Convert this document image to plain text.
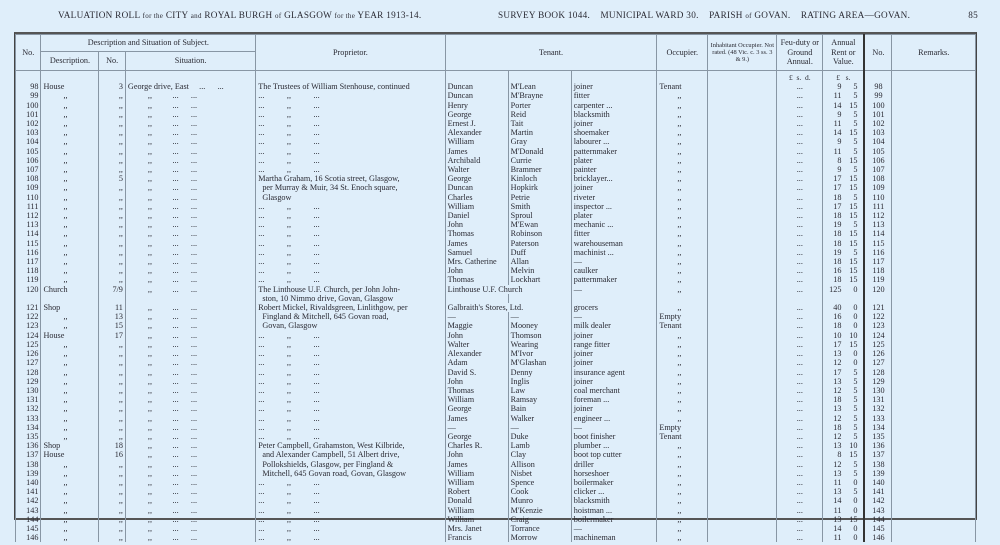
VALUATION ROLL for the CITY and ROYAL BURGH of GLASGOW for the YEAR 1913-14.	SURVEY BOOK 1044.    MUNICIPAL WARD 30.    PARISH of GOVAN.    RATING AREA—GOVAN.	85
No.	Description and Situation of Subject.			Proprietor.	Tenant.			Occupier.	Inhabitant Occupier. Not rated. (48 Vic. c. 3 ss. 3 & 9.)	Feu-duty or Ground Annual.	Annual Rent or Value.	No.	Remarks.
	Description.	No.	Situation.										

£  s.  d.	£   s.		

98	House	3	George drive, East     ...      ...	The Trustees of William Stenhouse, continued	Duncan	M'Lean	joiner	Tenant		...	9 5	98	
99	,,	,,	,,          ...      ...	...           ,,           ...	Duncan	M'Brayne	fitter	,,		...	11 5	99	
100	,,	,,	,,          ...      ...	...           ,,           ...	Henry	Porter	carpenter ...	,,		...	14 15	100	
101	,,	,,	,,          ...      ...	...           ,,           ...	George	Reid	blacksmith	,,		...	9 5	101	
102	,,	,,	,,          ...      ...	...           ,,           ...	Ernest J.	Tait	joiner	,,		...	11 5	102	
103	,,	,,	,,          ...      ...	...           ,,           ...	Alexander	Martin	shoemaker	,,		...	14 15	103	
104	,,	,,	,,          ...      ...	...           ,,           ...	William	Gray	labourer ...	,,		...	9 5	104	
105	,,	,,	,,          ...      ...	...           ,,           ...	James	M'Donald	patternmaker	,,		...	11 5	105	
106	,,	,,	,,          ...      ...	...           ,,           ...	Archibald	Currie	plater	,,		...	8 15	106	
107	,,	,,	,,          ...      ...	...           ,,           ...	Walter	Brammer	painter	,,		...	9 5	107	
108	,,	5	,,          ...      ...	Martha Graham, 16 Scotia street, Glasgow,	George	Kinloch	bricklayer...	,,		...	17 15	108	
109	,,	,,	,,          ...      ...	per Murray & Muir, 34 St. Enoch square,	Duncan	Hopkirk	joiner	,,		...	17 15	109	
110	,,	,,	,,          ...      ...	Glasgow	Charles	Petrie	riveter	,,		...	18 5	110	
111	,,	,,	,,          ...      ...	...           ,,           ...	William	Smith	inspector ...	,,		...	17 15	111	
112	,,	,,	,,          ...      ...	...           ,,           ...	Daniel	Sproul	plater	,,		...	18 15	112	
113	,,	,,	,,          ...      ...	...           ,,           ...	John	M'Ewan	mechanic ...	,,		...	19 5	113	
114	,,	,,	,,          ...      ...	...           ,,           ...	Thomas	Robinson	fitter	,,		...	18 15	114	
115	,,	,,	,,          ...      ...	...           ,,           ...	James	Paterson	warehouseman	,,		...	18 15	115	
116	,,	,,	,,          ...      ...	...           ,,           ...	Samuel	Duff	machinist ...	,,		...	19 5	116	
117	,,	,,	,,          ...      ...	...           ,,           ...	Mrs. Catherine	Allan	—	,,		...	18 15	117	
118	,,	,,	,,          ...      ...	...           ,,           ...	John	Melvin	caulker	,,		...	16 15	118	
119	,,	,,	,,          ...      ...	...           ,,           ...	Thomas	Lockhart	patternmaker	,,		...	18 15	119	
120	Church	7/9	,,          ...      ...	The Linthouse U.F. Church, per John John-	Linthouse U.F. Church		—	,,		...	125 0	120	
				ston, 10 Nimmo drive, Govan, Glasgow							

121	Shop	11	,,          ...      ...	Robert Mickel, Rivaldsgreen, Linlithgow, per	Galbraith's Stores, Ltd.		grocers	,,		...	40 0	121	
122	,,	13	,,          ...      ...	Fingland & Mitchell, 645 Govan road,	—	—	—	Empty		...	16 0	122	
123	,,	15	,,          ...      ...	Govan, Glasgow	Maggie	Mooney	milk dealer	Tenant		...	18 0	123	
124	House	17	,,          ...      ...	...           ,,           ...	John	Thomson	joiner	,,		...	10 10	124	
125	,,	,,	,,          ...      ...	...           ,,           ...	Walter	Wearing	range fitter	,,		...	17 15	125	
126	,,	,,	,,          ...      ...	...           ,,           ...	Alexander	M'Ivor	joiner	,,		...	13 0	126	
127	,,	,,	,,          ...      ...	...           ,,           ...	Adam	M'Glashan	joiner	,,		...	12 0	127	
128	,,	,,	,,          ...      ...	...           ,,           ...	David S.	Denny	insurance agent	,,		...	17 5	128	
129	,,	,,	,,          ...      ...	...           ,,           ...	John	Inglis	joiner	,,		...	13 5	129	
130	,,	,,	,,          ...      ...	...           ,,           ...	Thomas	Law	coal merchant	,,		...	12 5	130	
131	,,	,,	,,          ...      ...	...           ,,           ...	William	Ramsay	foreman ...	,,		...	18 5	131	
132	,,	,,	,,          ...      ...	...           ,,           ...	George	Bain	joiner	,,		...	13 5	132	
133	,,	,,	,,          ...      ...	...           ,,           ...	James	Walker	engineer ...	,,		...	12 5	133	
134	,,	,,	,,          ...      ...	...           ,,           ...	—	—	—	Empty		...	18 5	134	
135	,,	,,	,,          ...      ...	...           ,,           ...	George	Duke	boot finisher	Tenant		...	12 5	135	
136	Shop	18	,,          ...      ...	Peter Campbell, Grahamston, West Kilbride,	Charles R.	Lamb	plumber ...	,,		...	13 10	136	
137	House	16	,,          ...      ...	and Alexander Campbell, 51 Albert drive,	John	Clay	boot top cutter	,,		...	8 15	137	
138	,,	,,	,,          ...      ...	Pollokshields, Glasgow, per Fingland &	James	Allison	driller	,,		...	12 5	138	
139	,,	,,	,,          ...      ...	Mitchell, 645 Govan road, Govan, Glasgow	William	Nisbet	horseshoer	,,		...	13 5	139	
140	,,	,,	,,          ...      ...	...           ,,           ...	William	Spence	boilermaker	,,		...	11 0	140	
141	,,	,,	,,          ...      ...	...           ,,           ...	Robert	Cook	clicker ...	,,		...	13 5	141	
142	,,	,,	,,          ...      ...	...           ,,           ...	Donald	Munro	blacksmith	,,		...	14 0	142	
143	,,	,,	,,          ...      ...	...           ,,           ...	William	M'Kenzie	hoistman ...	,,		...	11 0	143	
144	,,	,,	,,          ...      ...	...           ,,           ...	William	Craig	boilermaker	,,		...	13 15	144	
145	,,	,,	,,          ...      ...	...           ,,           ...	Mrs. Janet	Torrance	—	,,		...	14 0	145	
146	,,	,,	,,          ...      ...	...           ,,           ...	Francis	Morrow	machineman	,,		...	11 0	146	
